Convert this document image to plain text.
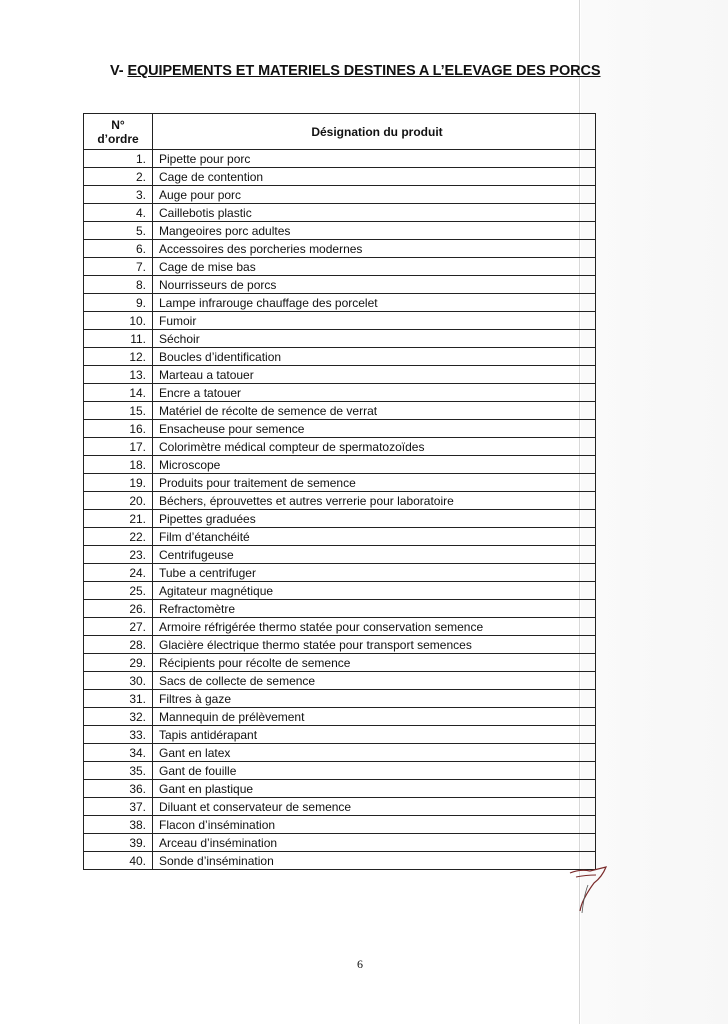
V- EQUIPEMENTS ET MATERIELS DESTINES A L’ELEVAGE DES PORCS
N°
d’ordre	Désignation du produit
1.	Pipette pour porc
2.	Cage de contention
3.	Auge pour porc
4.	Caillebotis plastic
5.	Mangeoires porc adultes
6.	Accessoires des porcheries modernes
7.	Cage de mise bas
8.	Nourrisseurs de porcs
9.	Lampe infrarouge chauffage des porcelet
10.	Fumoir
11.	Séchoir
12.	Boucles d’identification
13.	Marteau a tatouer
14.	Encre a tatouer
15.	Matériel de récolte de semence de verrat
16.	Ensacheuse pour semence
17.	Colorimètre médical compteur de spermatozoïdes
18.	Microscope
19.	Produits pour traitement de semence
20.	Béchers, éprouvettes et autres verrerie pour laboratoire
21.	Pipettes graduées
22.	Film d’étanchéité
23.	Centrifugeuse
24.	Tube a centrifuger
25.	Agitateur magnétique
26.	Refractomètre
27.	Armoire réfrigérée thermo statée pour conservation semence
28.	Glacière électrique thermo statée pour transport semences
29.	Récipients pour récolte de semence
30.	Sacs de collecte de semence
31.	Filtres à gaze
32.	Mannequin de prélèvement
33.	Tapis antidérapant
34.	Gant en latex
35.	Gant de fouille
36.	Gant en plastique
37.	Diluant et conservateur de semence
38.	Flacon d’insémination
39.	Arceau d’insémination
40.	Sonde d’insémination
6
